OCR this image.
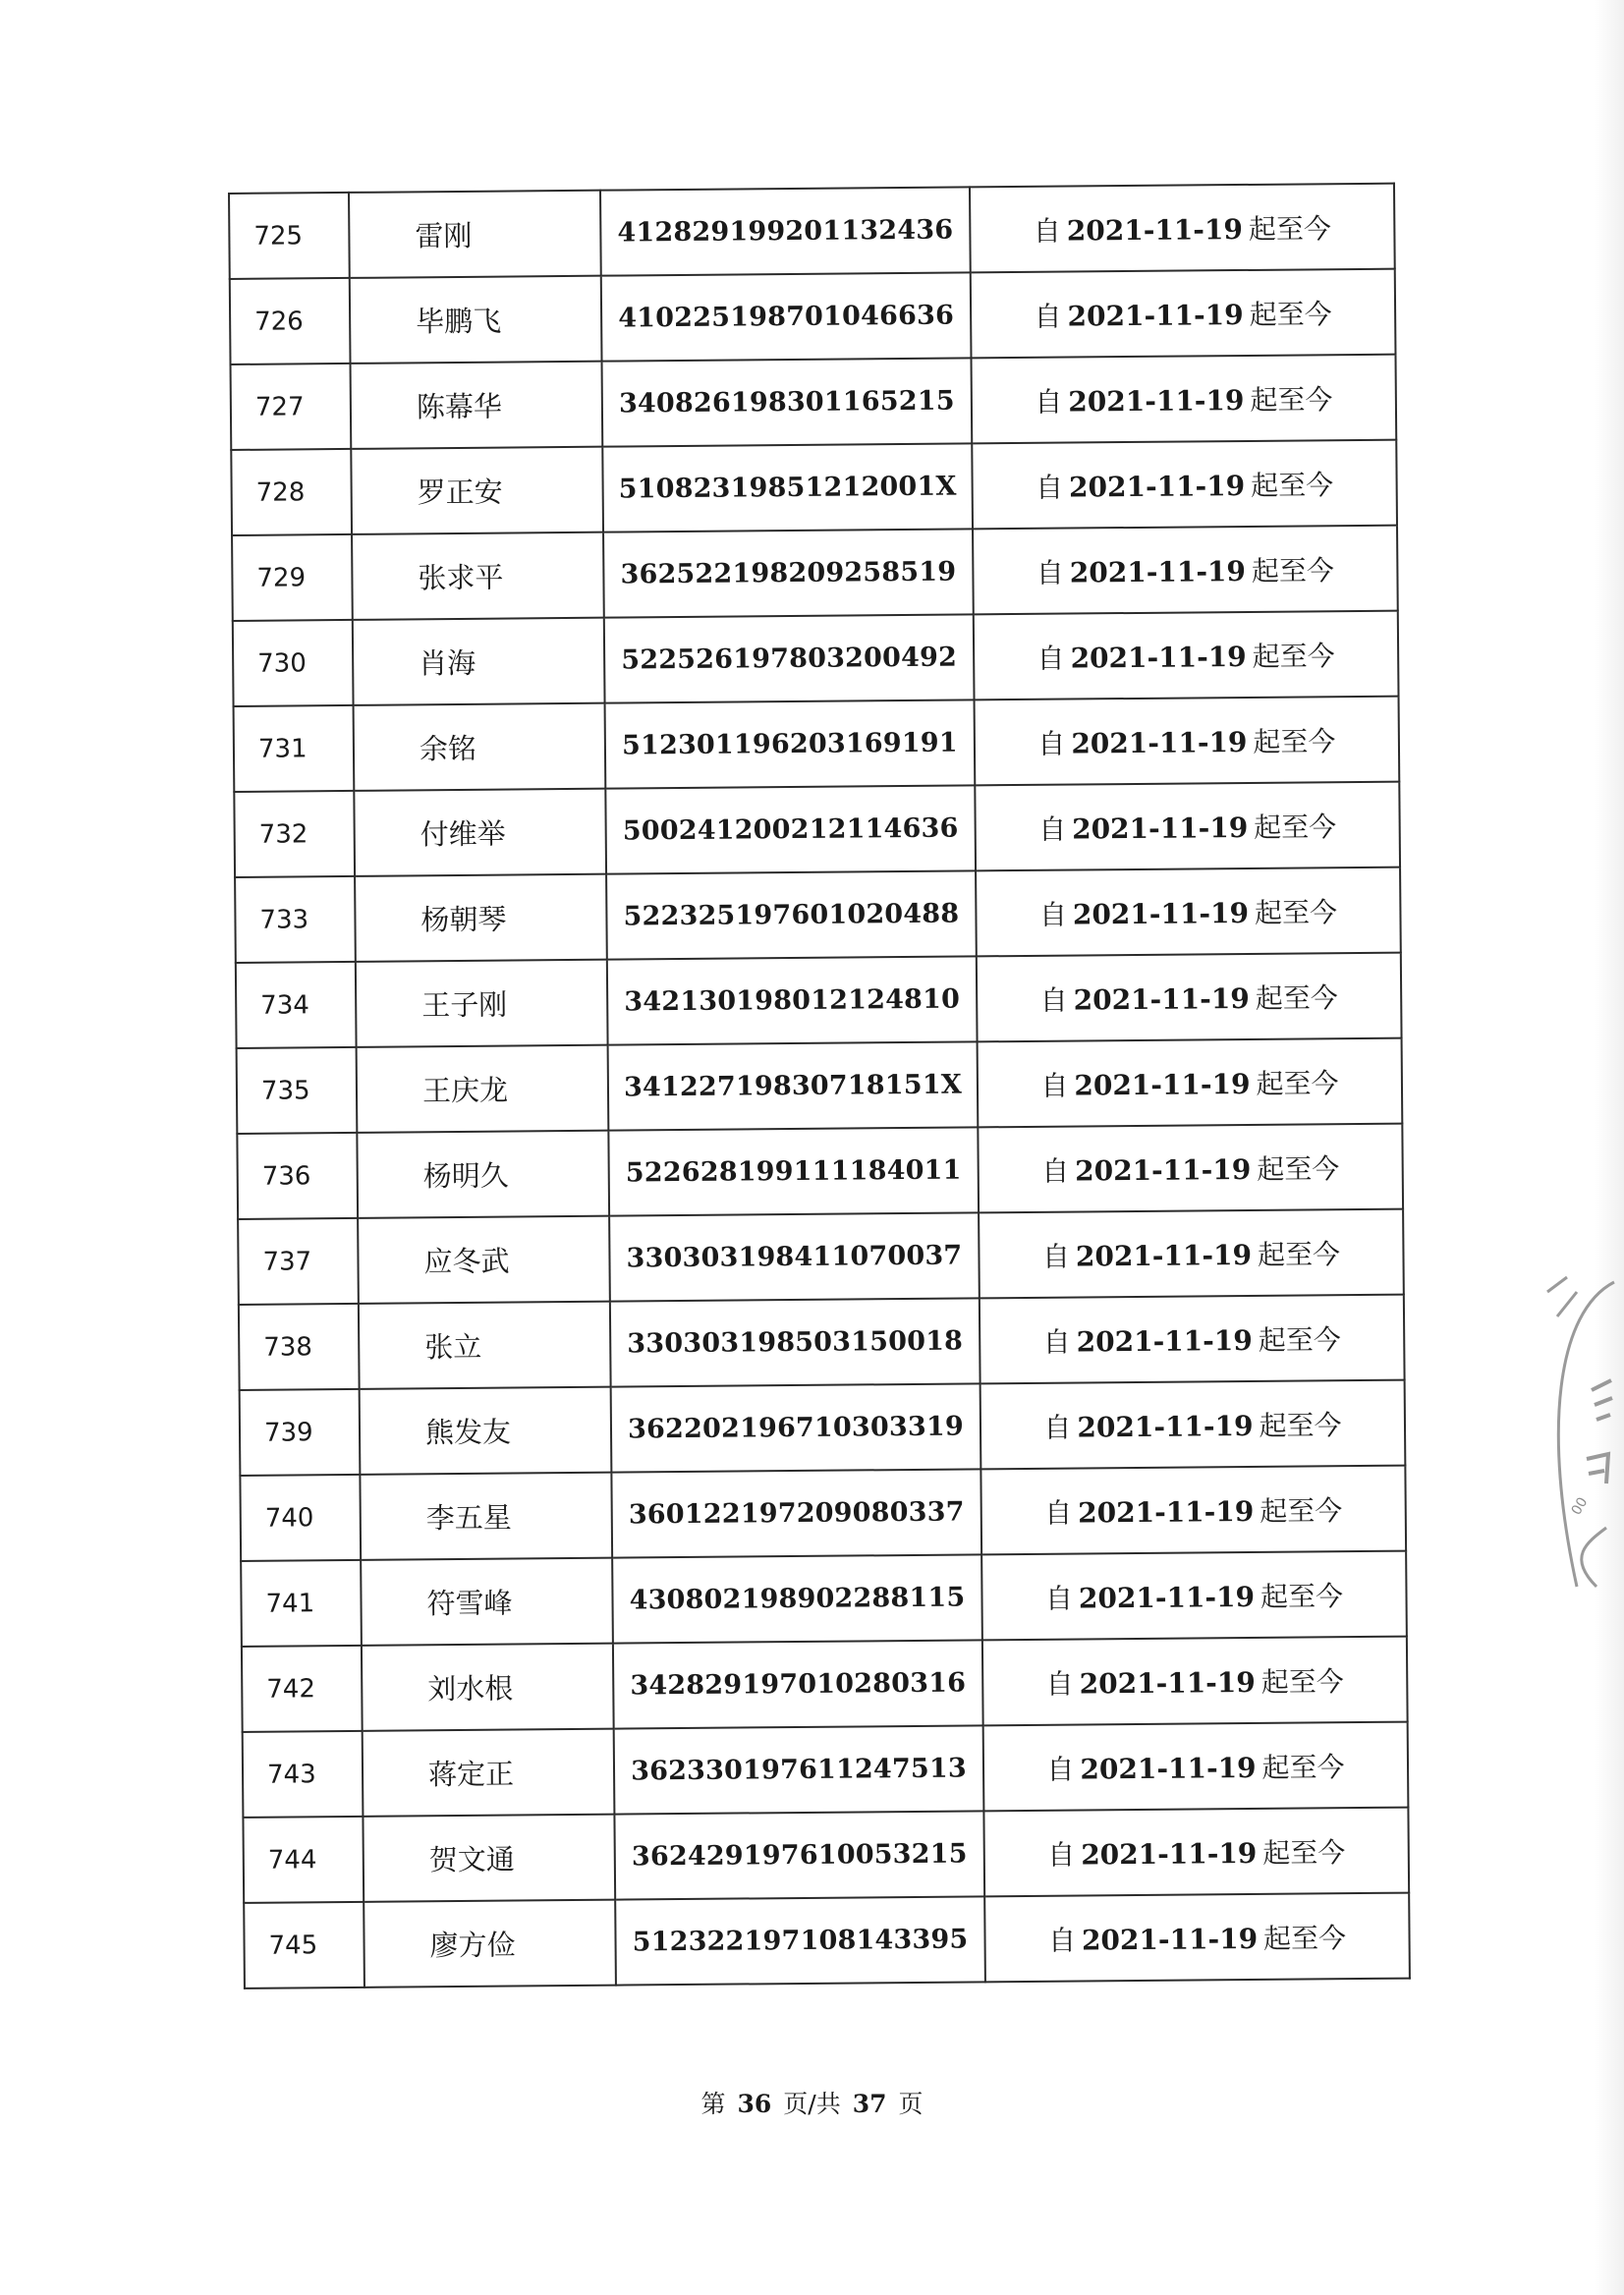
725	雷刚	412829199201132436	自 2021-11-19 起至今
726	毕鹏飞	410225198701046636	自 2021-11-19 起至今
727	陈幕华	340826198301165215	自 2021-11-19 起至今
728	罗正安	51082319851212001X	自 2021-11-19 起至今
729	张求平	362522198209258519	自 2021-11-19 起至今
730	肖海	522526197803200492	自 2021-11-19 起至今
731	余铭	512301196203169191	自 2021-11-19 起至今
732	付维举	500241200212114636	自 2021-11-19 起至今
733	杨朝琴	522325197601020488	自 2021-11-19 起至今
734	王子刚	342130198012124810	自 2021-11-19 起至今
735	王庆龙	34122719830718151X	自 2021-11-19 起至今
736	杨明久	522628199111184011	自 2021-11-19 起至今
737	应冬武	330303198411070037	自 2021-11-19 起至今
738	张立	330303198503150018	自 2021-11-19 起至今
739	熊发友	362202196710303319	自 2021-11-19 起至今
740	李五星	360122197209080337	自 2021-11-19 起至今
741	符雪峰	430802198902288115	自 2021-11-19 起至今
742	刘水根	342829197010280316	自 2021-11-19 起至今
743	蒋定正	362330197611247513	自 2021-11-19 起至今
744	贺文通	362429197610053215	自 2021-11-19 起至今
745	廖方俭	512322197108143395	自 2021-11-19 起至今
第 36 页/共 37 页
00
